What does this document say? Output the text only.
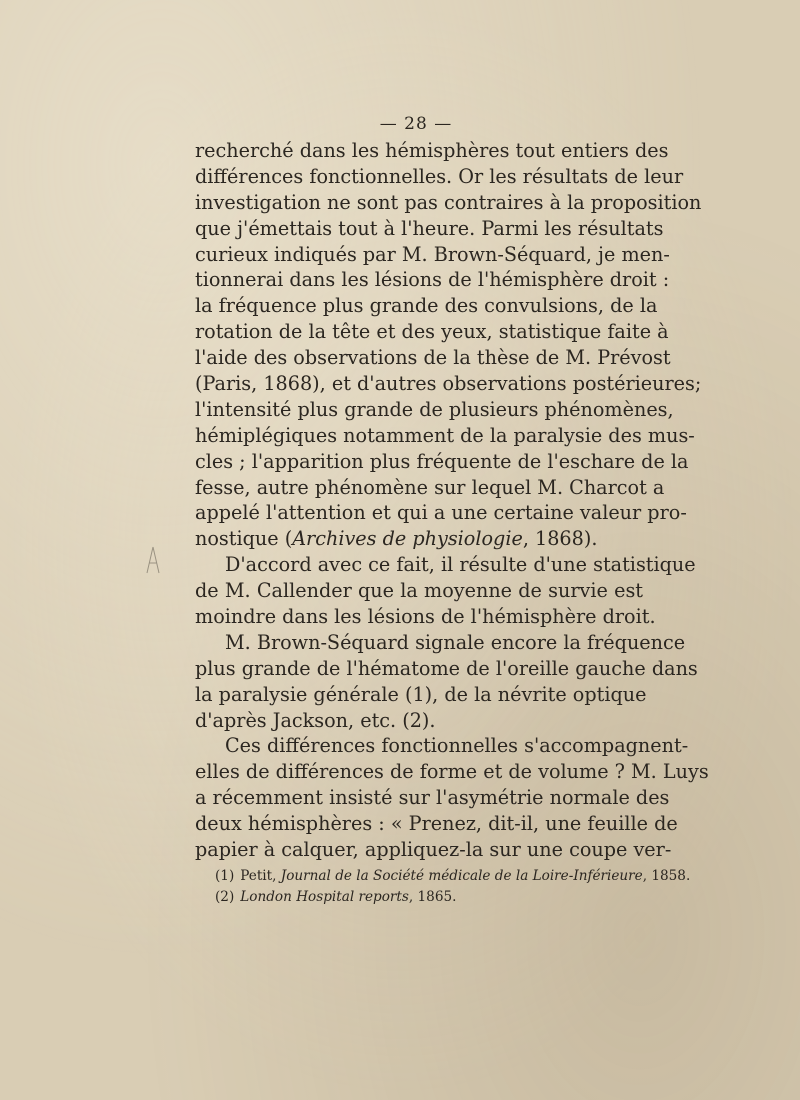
— 28 —
recherché dans les hémisphères tout entiers des
différences fonctionnelles. Or les résultats de leur
investigation ne sont pas contraires à la proposition
que j'émettais tout à l'heure. Parmi les résultats
curieux indiqués par M. Brown-Séquard, je men-
tionnerai dans les lésions de l'hémisphère droit :
la fréquence plus grande des convulsions, de la
rotation de la tête et des yeux, statistique faite à
l'aide des observations de la thèse de M. Prévost
(Paris, 1868), et d'autres observations postérieures;
l'intensité plus grande de plusieurs phénomènes,
hémiplégiques notamment de la paralysie des mus-
cles ; l'apparition plus fréquente de l'eschare de la
fesse, autre phénomène sur lequel M. Charcot a
appelé l'attention et qui a une certaine valeur pro-
nostique (Archives de physiologie, 1868).
D'accord avec ce fait, il résulte d'une statistique
de M. Callender que la moyenne de survie est
moindre dans les lésions de l'hémisphère droit.
M. Brown-Séquard signale encore la fréquence
plus grande de l'hématome de l'oreille gauche dans
la paralysie générale (1), de la névrite optique
d'après Jackson, etc. (2).
Ces différences fonctionnelles s'accompagnent-
elles de différences de forme et de volume ? M. Luys
a récemment insisté sur l'asymétrie normale des
deux hémisphères : « Prenez, dit-il, une feuille de
papier à calquer, appliquez-la sur une coupe ver-
(1) Petit, Journal de la Société médicale de la Loire-Inférieure, 1858.
(2) London Hospital reports, 1865.
